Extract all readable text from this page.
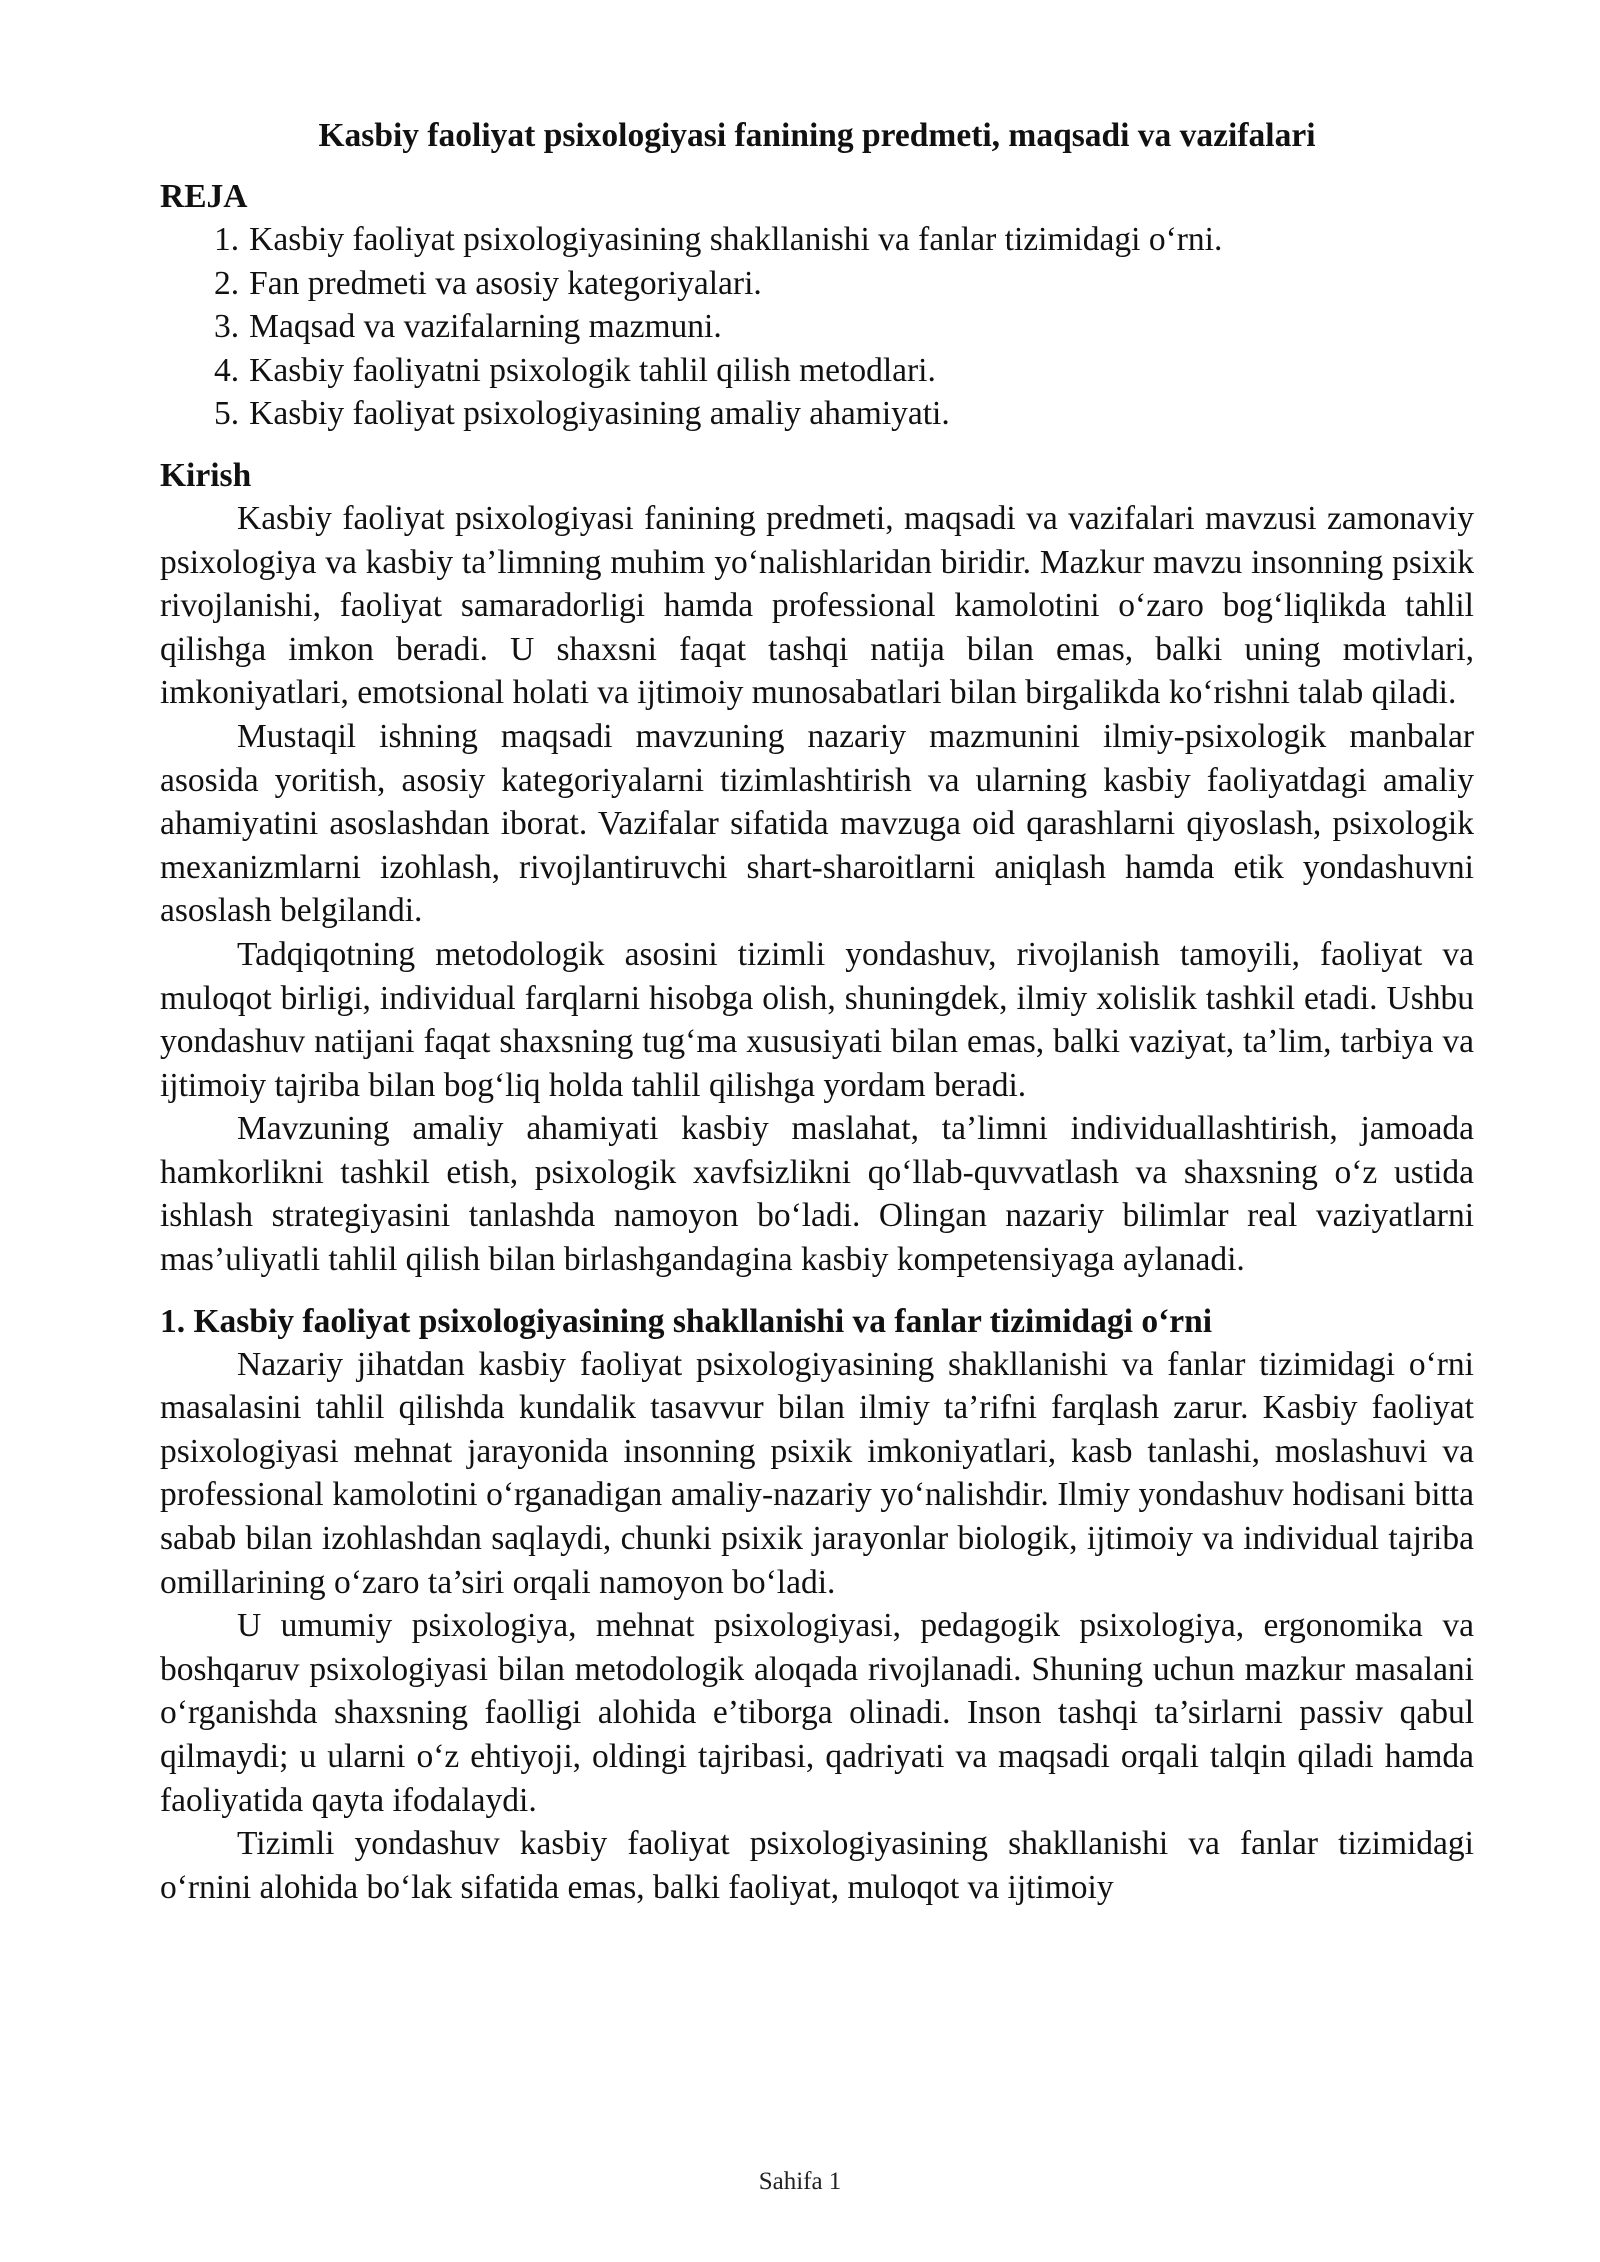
Kasbiy faoliyat psixologiyasi fanining predmeti, maqsadi va vazifalari

REJA

1. Kasbiy faoliyat psixologiyasining shakllanishi va fanlar tizimidagi o‘rni.
2. Fan predmeti va asosiy kategoriyalari.
3. Maqsad va vazifalarning mazmuni.
4. Kasbiy faoliyatni psixologik tahlil qilish metodlari.
5. Kasbiy faoliyat psixologiyasining amaliy ahamiyati.

Kirish

Kasbiy faoliyat psixologiyasi fanining predmeti, maqsadi va vazifalari mavzusi zamonaviy psixologiya va kasbiy ta’limning muhim yo‘nalishlaridan biridir. Mazkur mavzu insonning psixik rivojlanishi, faoliyat samaradorligi hamda professional kamolotini o‘zaro bog‘liqlikda tahlil qilishga imkon beradi. U shaxsni faqat tashqi natija bilan emas, balki uning motivlari, imkoniyatlari, emotsional holati va ijtimoiy munosabatlari bilan birgalikda ko‘rishni talab qiladi.

Mustaqil ishning maqsadi mavzuning nazariy mazmunini ilmiy-psixologik manbalar asosida yoritish, asosiy kategoriyalarni tizimlashtirish va ularning kasbiy faoliyatdagi amaliy ahamiyatini asoslashdan iborat. Vazifalar sifatida mavzuga oid qarashlarni qiyoslash, psixologik mexanizmlarni izohlash, rivojlantiruvchi shart-sharoitlarni aniqlash hamda etik yondashuvni asoslash belgilandi.

Tadqiqotning metodologik asosini tizimli yondashuv, rivojlanish tamoyili, faoliyat va muloqot birligi, individual farqlarni hisobga olish, shuningdek, ilmiy xolislik tashkil etadi. Ushbu yondashuv natijani faqat shaxsning tug‘ma xususiyati bilan emas, balki vaziyat, ta’lim, tarbiya va ijtimoiy tajriba bilan bog‘liq holda tahlil qilishga yordam beradi.

Mavzuning amaliy ahamiyati kasbiy maslahat, ta’limni individuallashtirish, jamoada hamkorlikni tashkil etish, psixologik xavfsizlikni qo‘llab-quvvatlash va shaxsning o‘z ustida ishlash strategiyasini tanlashda namoyon bo‘ladi. Olingan nazariy bilimlar real vaziyatlarni mas’uliyatli tahlil qilish bilan birlashgandagina kasbiy kompetensiyaga aylanadi.

1. Kasbiy faoliyat psixologiyasining shakllanishi va fanlar tizimidagi o‘rni

Nazariy jihatdan kasbiy faoliyat psixologiyasining shakllanishi va fanlar tizimidagi o‘rni masalasini tahlil qilishda kundalik tasavvur bilan ilmiy ta’rifni farqlash zarur. Kasbiy faoliyat psixologiyasi mehnat jarayonida insonning psixik imkoniyatlari, kasb tanlashi, moslashuvi va professional kamolotini o‘rganadigan amaliy-nazariy yo‘nalishdir. Ilmiy yondashuv hodisani bitta sabab bilan izohlashdan saqlaydi, chunki psixik jarayonlar biologik, ijtimoiy va individual tajriba omillarining o‘zaro ta’siri orqali namoyon bo‘ladi.

U umumiy psixologiya, mehnat psixologiyasi, pedagogik psixologiya, ergonomika va boshqaruv psixologiyasi bilan metodologik aloqada rivojlanadi. Shuning uchun mazkur masalani o‘rganishda shaxsning faolligi alohida e’tiborga olinadi. Inson tashqi ta’sirlarni passiv qabul qilmaydi; u ularni o‘z ehtiyoji, oldingi tajribasi, qadriyati va maqsadi orqali talqin qiladi hamda faoliyatida qayta ifodalaydi.

Tizimli yondashuv kasbiy faoliyat psixologiyasining shakllanishi va fanlar tizimidagi o‘rnini alohida bo‘lak sifatida emas, balki faoliyat, muloqot va ijtimoiy

Sahifa 1
